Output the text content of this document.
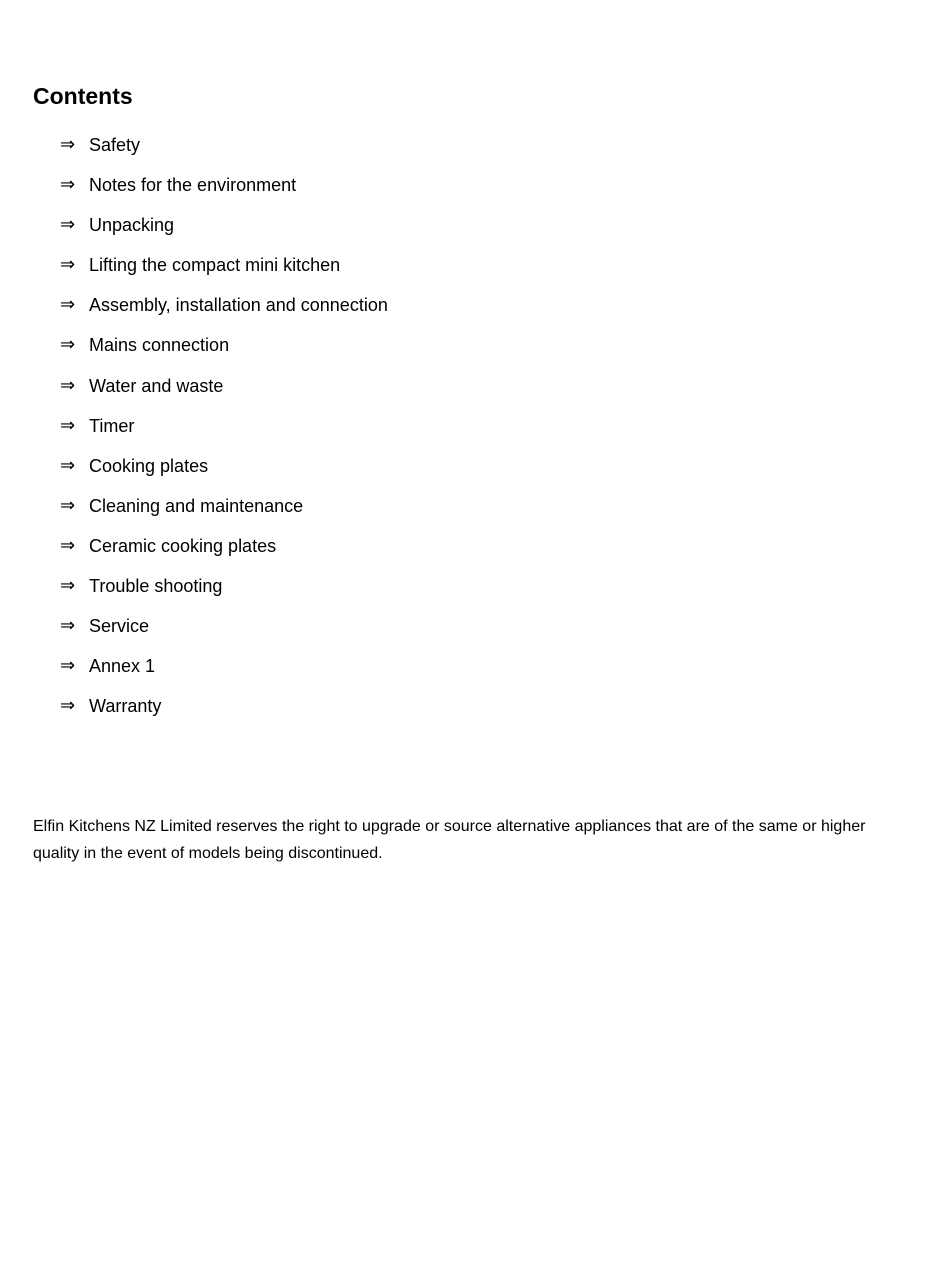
Contents
⇒ Safety
⇒ Notes for the environment
⇒ Unpacking
⇒ Lifting the compact mini kitchen
⇒ Assembly, installation and connection
⇒ Mains connection
⇒ Water and waste
⇒ Timer
⇒ Cooking plates
⇒ Cleaning and maintenance
⇒ Ceramic cooking plates
⇒ Trouble shooting
⇒ Service
⇒ Annex 1
⇒ Warranty

Elfin Kitchens NZ Limited reserves the right to upgrade or source alternative appliances that are of the same or higher quality in the event of models being discontinued.
